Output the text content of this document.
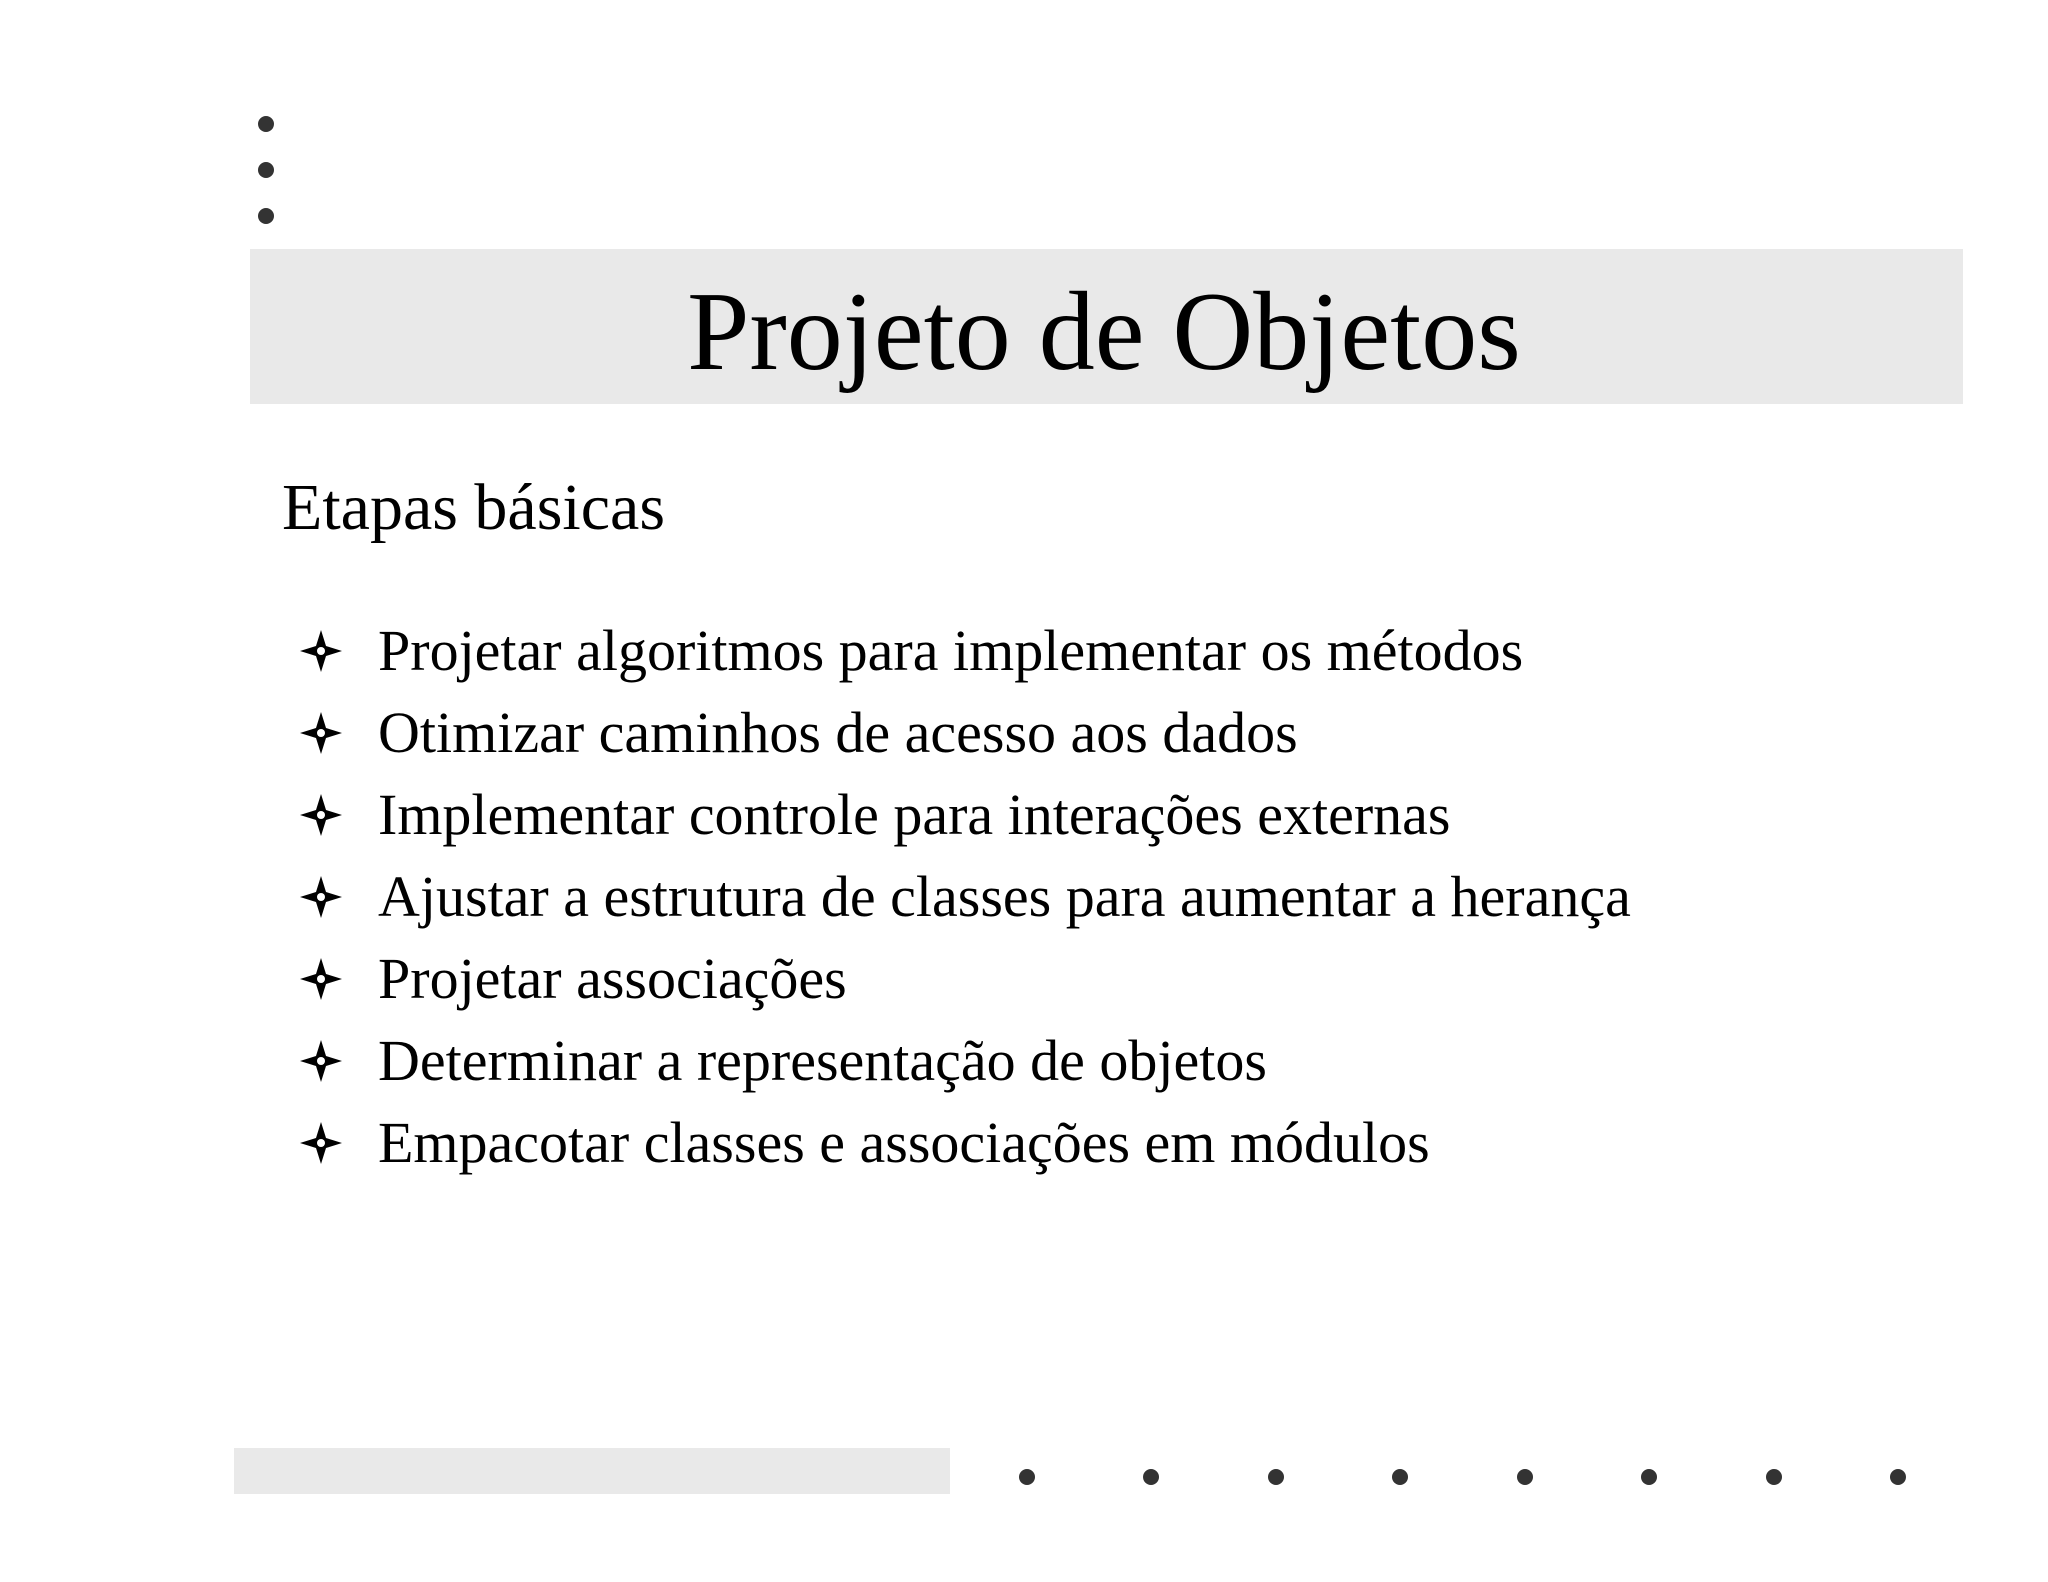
Projeto de Objetos
Etapas básicas
Projetar algoritmos para implementar os métodos
Otimizar caminhos de acesso aos dados
Implementar controle para interações externas
Ajustar a estrutura de classes para aumentar a herança
Projetar associações
Determinar a representação de objetos
Empacotar classes e associações em módulos
